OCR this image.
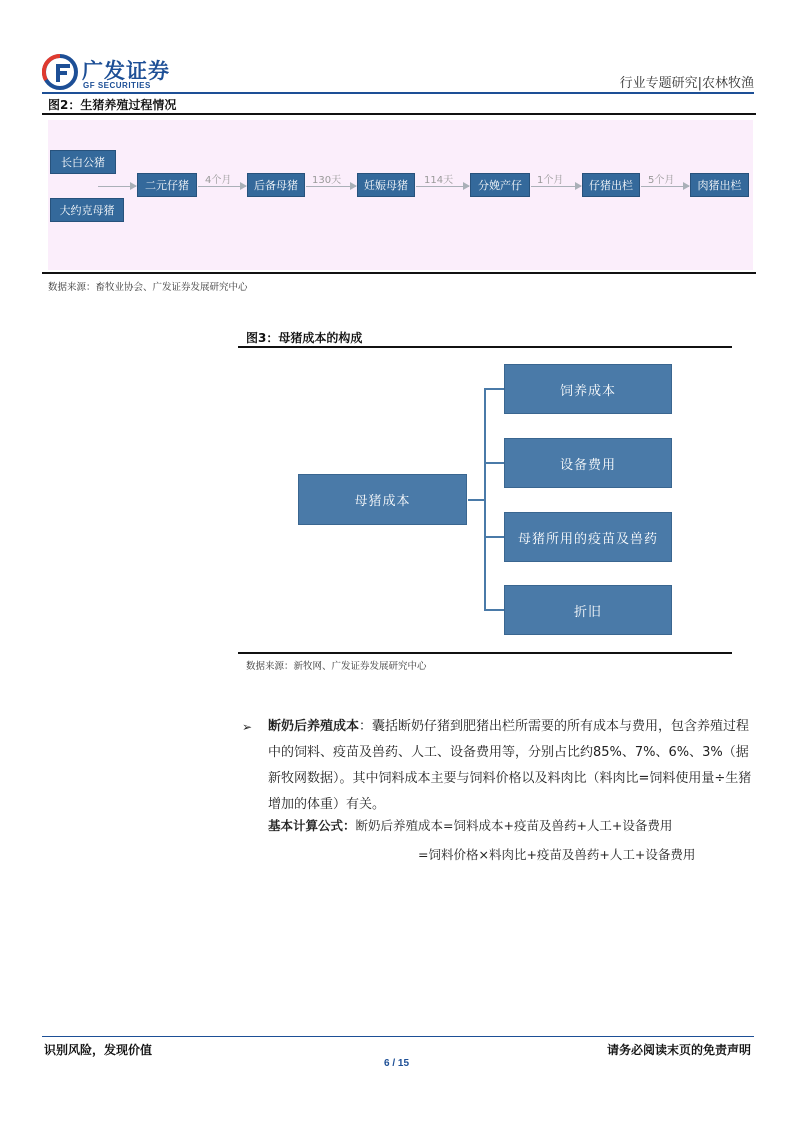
广发证券
GF SECURITIES	行业专题研究|农林牧渔
图2：生猪养殖过程情况
长白公猪
大约克母猪
二元仔猪	4个月	后备母猪	130天	妊娠母猪	114天	分娩产仔	1个月	仔猪出栏	5个月	肉猪出栏
数据来源：畜牧业协会、广发证券发展研究中心
图3：母猪成本的构成
母猪成本
饲养成本
设备费用
母猪所用的疫苗及兽药
折旧
数据来源：新牧网、广发证券发展研究中心
➢ 断奶后养殖成本：囊括断奶仔猪到肥猪出栏所需要的所有成本与费用，包含养殖过程中的饲料、疫苗及兽药、人工、设备费用等，分别占比约85%、7%、6%、3%（据新牧网数据）。其中饲料成本主要与饲料价格以及料肉比（料肉比=饲料使用量÷生猪增加的体重）有关。
基本计算公式：断奶后养殖成本=饲料成本+疫苗及兽药+人工+设备费用
=饲料价格×料肉比+疫苗及兽药+人工+设备费用
识别风险，发现价值	请务必阅读末页的免责声明
6 / 15
